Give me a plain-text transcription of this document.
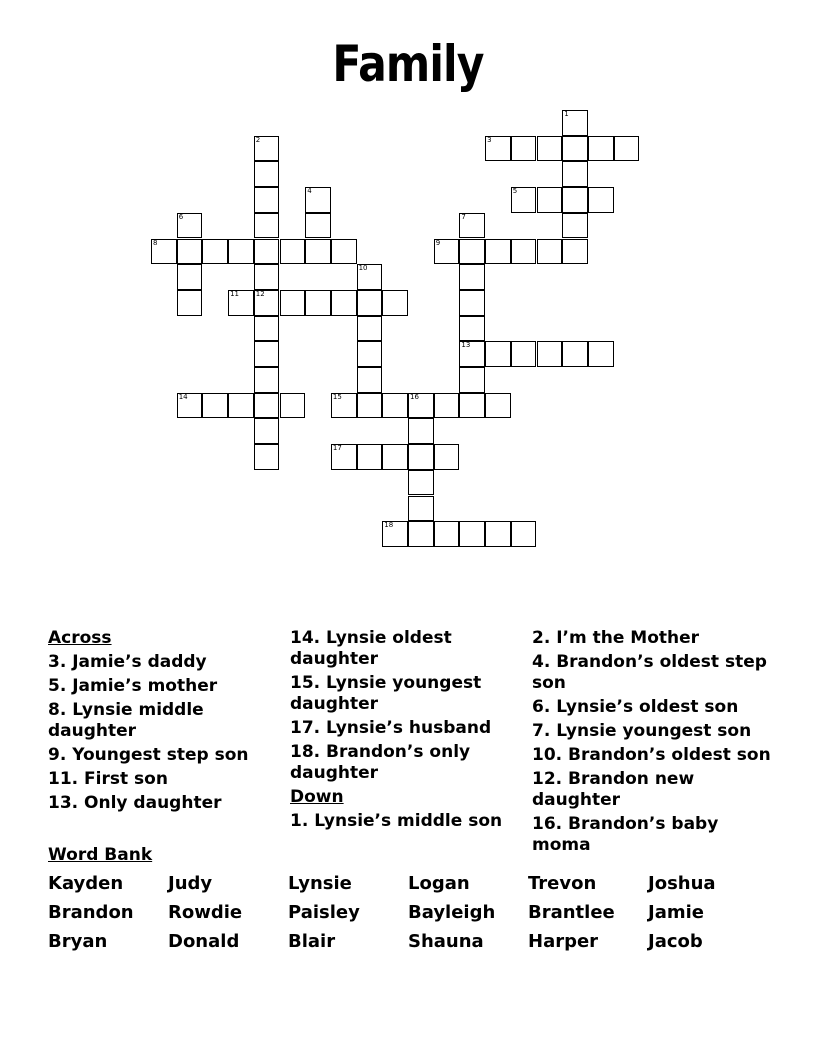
Family
3
5
8	9
11 12
13
14	15	16
17
18
1
2
4
6	7
10
Across
3. Jamie’s daddy
5. Jamie’s mother
8. Lynsie middle daughter
9. Youngest step son
11. First son
13. Only daughter
14. Lynsie oldest daughter
15. Lynsie youngest daughter
17. Lynsie’s husband
18. Brandon’s only daughter
Down
1. Lynsie’s middle son
2. I’m the Mother
4. Brandon’s oldest step son
6. Lynsie’s oldest son
7. Lynsie youngest son
10. Brandon’s oldest son
12. Brandon new daughter
16. Brandon’s baby moma
Word Bank
Kayden Judy	Lynsie	Logan	Trevon	Joshua
Brandon Rowdie	Paisley	Bayleigh Brantlee Jamie
Bryan	Donald	Blair	Shauna Harper	Jacob
